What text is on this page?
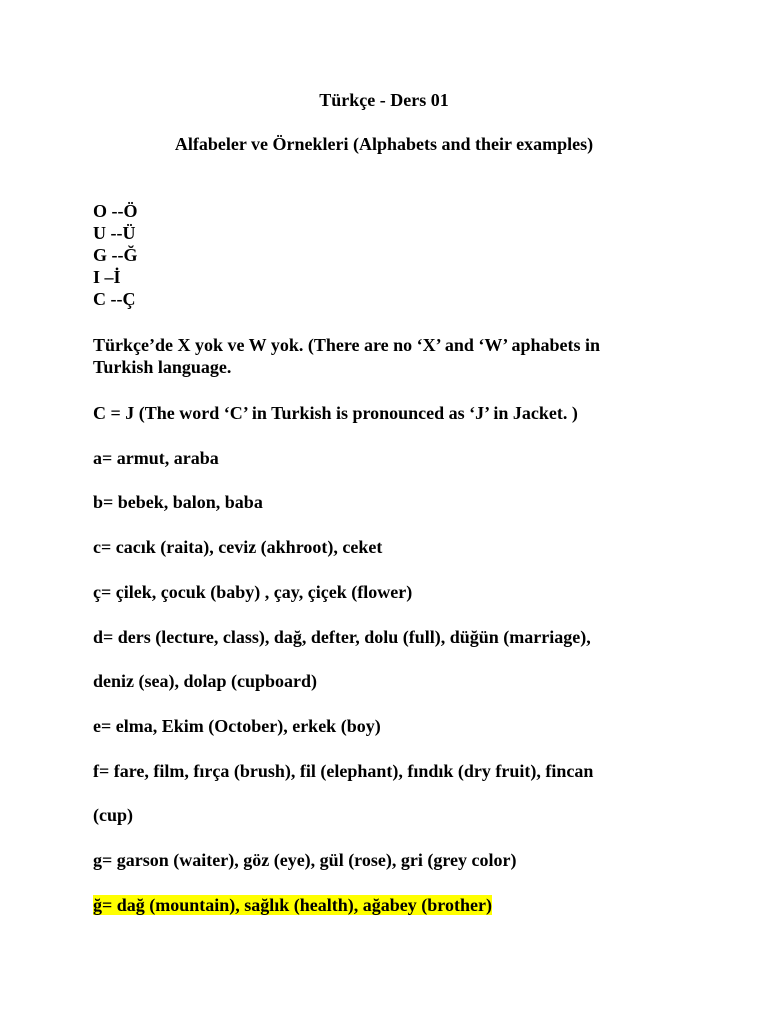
Türkçe - Ders 01
Alfabeler ve Örnekleri (Alphabets and their examples)
O --Ö
U --Ü
G --Ğ
I –İ
C --Ç
Türkçe’de X yok ve W yok. (There are no ‘X’ and ‘W’ aphabets in
Turkish language.
C = J (The word ‘C’ in Turkish is pronounced as ‘J’ in Jacket. )
a= armut, araba
b= bebek, balon, baba
c= cacık (raita), ceviz (akhroot), ceket
ç= çilek, çocuk (baby) , çay, çiçek (flower)
d= ders (lecture, class), dağ, defter, dolu (full), düğün (marriage),
deniz (sea), dolap (cupboard)
e= elma, Ekim (October), erkek (boy)
f= fare, film, fırça (brush), fil (elephant), fındık (dry fruit), fincan
(cup)
g= garson (waiter), göz (eye), gül (rose), gri (grey color)
ğ= dağ (mountain), sağlık (health), ağabey (brother)
